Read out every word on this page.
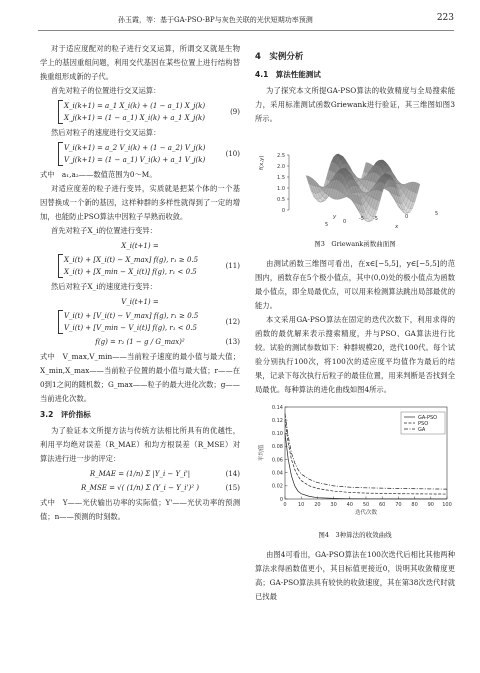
孙玉霞，等：基于GA-PSO-BP与灰色关联的光伏短期功率预测	223

对于适应度配对的粒子进行交叉运算，所谓交叉就是生物学上的基因重组问题，利用交代基因在某些位置上进行结构替换重组形成新的子代。

首先对粒子的位置进行交叉运算：

X_i(k+1) = a_1 X_i(k) + (1 − a_1) X_j(k)
X_j(k+1) = (1 − a_1) X_i(k) + a_1 X_j(k)
(9)

然后对粒子的速度进行交叉运算：

V_i(k+1) = a_2 V_i(k) + (1 − a_2) V_j(k)
V_j(k+1) = (1 − a_1) V_i(k) + a_1 V_j(k)
(10)

式中　a₁,a₂——数值范围为0～M。

对适应度差的粒子进行变异，实质就是把某个体的一个基因替换成一个新的基因，这样种群的多样性就得到了一定的增加，也能防止PSO算法中因粒子早熟而收敛。

首先对粒子X_i的位置进行变异：

X_i(t+1) =
X_i(t) + [X_i(t) − X_max] f(g), r₁ ≥ 0.5
X_i(t) + [X_min − X_i(t)] f(g), r₁ < 0.5
(11)

然后对粒子X_i的速度进行变异：

V_i(t+1) =
V_i(t) + [V_i(t) − V_max] f(g), r₁ ≥ 0.5
V_i(t) + [V_min − V_i(t)] f(g), r₁ < 0.5
(12)
f(g) = r₂ (1 − g / G_max)²	(13)

式中　V_max,V_min——当前粒子速度的最小值与最大值；X_min,X_max——当前粒子位置的最小值与最大值；r——在0到1之间的随机数；G_max——粒子的最大进化次数；g——当前进化次数。

3.2　评价指标

为了验证本文所提方法与传统方法相比所具有的优越性，利用平均绝对误差（R_MAE）和均方根误差（R_MSE）对算法进行进一步的评定：

R_MAE = (1/n) Σ |Y_i − Y_i'|	(14)
R_MSE = √( (1/n) Σ (Y_i − Y_i')² )	(15)

式中　Y——光伏输出功率的实际值；Y'——光伏功率的预测值；n——预测的时刻数。

4　实例分析
4.1　算法性能测试

为了探究本文所提GA-PSO算法的收敛精度与全局搜索能力，采用标准测试函数Griewank进行验证，其三维图如图3所示。

0
0.5
1.0
1.5
2.0
2.5
f(x,y)
5	0	-5 -5	0	5
y
x
图3　Griewank函数曲面图

由测试函数三维图可看出，在x∈[−5,5]，y∈[−5,5]的范围内，函数存在5个极小值点，其中(0,0)处的极小值点为函数最小值点，即全局最优点，可以用来检测算法跳出局部最优的能力。

本文采用GA-PSO算法在固定的迭代次数下，利用求得的函数的最优解来表示搜索精度，并与PSO、GA算法进行比较。试验的测试参数如下：种群规模20，迭代100代。每个试验分别执行100次，将100次的适应度平均值作为最后的结果，记录下每次执行后粒子的最佳位置，用来判断是否找到全局最优。每种算法的进化曲线如图4所示。

0
0.02
0.04
0.06
0.08
0.10
0.12
0.14
0 10 20 30 40 50 60 70 80 90 100
平均值
迭代次数
GA-PSO
PSO
GA
图4　3种算法的收敛曲线

由图4可看出，GA-PSO算法在100次迭代后相比其他两种算法求得函数值更小，其目标值更接近0，说明其收敛精度更高；GA-PSO算法具有较快的收敛速度，其在第38次迭代时就已找最
